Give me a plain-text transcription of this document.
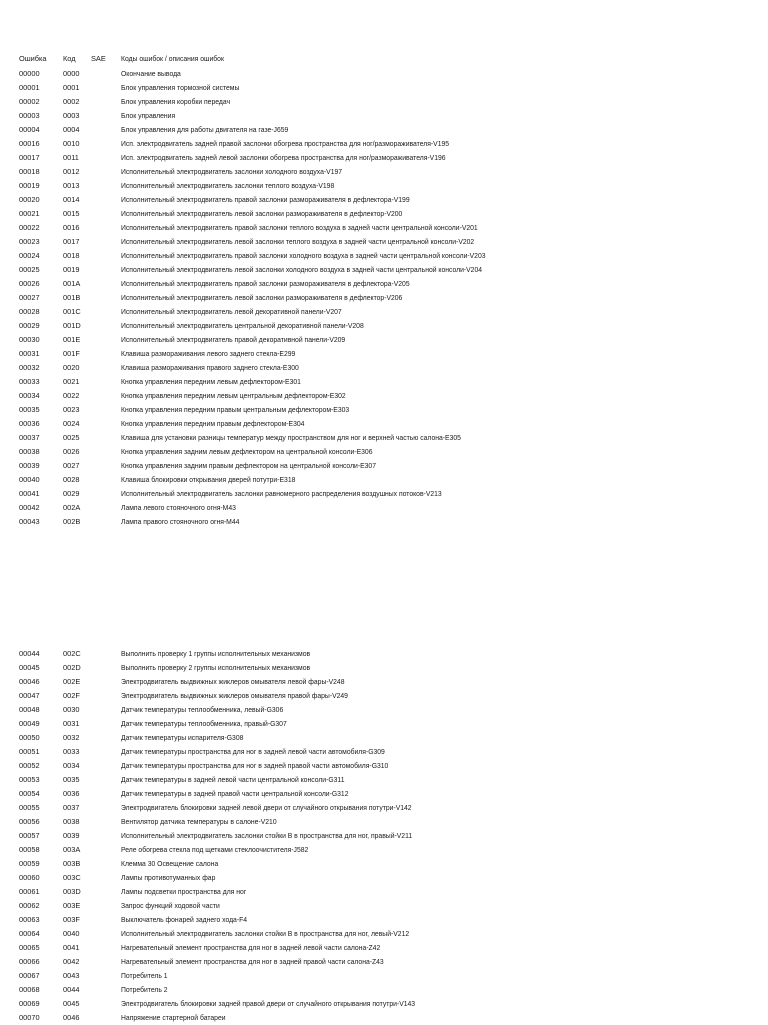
Ошибка	Код	SAE	Коды ошибок / описания ошибок
00000	0000	Окончание вывода
00001	0001	Блок управления тормозной системы
00002	0002	Блок управления коробки передач
00003	0003	Блок управления
00004	0004	Блок управления для работы двигателя на газе-J659
00016	0010	Исп. электродвигатель задней правой заслонки обогрева пространства для ног/размораживателя-V195
00017	0011	Исп. электродвигатель задней левой заслонки обогрева пространства для ног/размораживателя-V196
00018	0012	Исполнительный электродвигатель заслонки холодного воздуха-V197
00019	0013	Исполнительный электродвигатель заслонки теплого воздуха-V198
00020	0014	Исполнительный электродвигатель правой заслонки размораживателя в дефлектора-V199
00021	0015	Исполнительный электродвигатель левой заслонки размораживателя в дефлектор-V200
00022	0016	Исполнительный электродвигатель правой заслонки теплого воздуха в задней части центральной консоли-V201
00023	0017	Исполнительный электродвигатель левой заслонки теплого воздуха в задней части центральной консоли-V202
00024	0018	Исполнительный электродвигатель правой заслонки холодного воздуха в задней части центральной консоли-V203
00025	0019	Исполнительный электродвигатель левой заслонки холодного воздуха в задней части центральной консоли-V204
00026	001A	Исполнительный электродвигатель правой заслонки размораживателя в дефлектора-V205
00027	001B	Исполнительный электродвигатель левой заслонки размораживателя в дефлектор-V206
00028	001C	Исполнительный электродвигатель левой декоративной панели-V207
00029	001D	Исполнительный электродвигатель центральной декоративной панели-V208
00030	001E	Исполнительный электродвигатель правой декоративной панели-V209
00031	001F	Клавиша размораживания левого заднего стекла-E299
00032	0020	Клавиша размораживания правого заднего стекла-E300
00033	0021	Кнопка управления передним левым дефлектором-E301
00034	0022	Кнопка управления передним левым центральным дефлектором-E302
00035	0023	Кнопка управления передним правым центральным дефлектором-E303
00036	0024	Кнопка управления передним правым дефлектором-E304
00037	0025	Клавиша для установки разницы температур между пространством для ног и верхней частью салона-E305
00038	0026	Кнопка управления задним левым дефлектором на центральной консоли-E306
00039	0027	Кнопка управления задним правым дефлектором на центральной консоли-E307
00040	0028	Клавиша блокировки открывания дверей потутри-E318
00041	0029	Исполнительный электродвигатель заслонки равномерного распределения воздушных потоков-V213
00042	002A	Лампа левого стояночного огня-M43
00043	002B	Лампа правого стояночного огня-M44
00044	002C	Выполнить проверку 1 группы исполнительных механизмов
00045	002D	Выполнить проверку 2 группы исполнительных механизмов
00046	002E	Электродвигатель выдвижных жиклеров омывателя левой фары-V248
00047	002F	Электродвигатель выдвижных жиклеров омывателя правой фары-V249
00048	0030	Датчик температуры теплообменника, левый-G306
00049	0031	Датчик температуры теплообменника, правый-G307
00050	0032	Датчик температуры испарителя-G308
00051	0033	Датчик температуры пространства для ног в задней левой части автомобиля-G309
00052	0034	Датчик температуры пространства для ног в задней правой части автомобиля-G310
00053	0035	Датчик температуры в задней левой части центральной консоли-G311
00054	0036	Датчик температуры в задней правой части центральной консоли-G312
00055	0037	Электродвигатель блокировки задней левой двери от случайного открывания потутри-V142
00056	0038	Вентилятор датчика температуры в салоне-V210
00057	0039	Исполнительный электродвигатель заслонки стойки B в пространства для ног, правый-V211
00058	003A	Реле обогрева стекла под щетками стеклоочистителя-J582
00059	003B	Клемма 30 Освещение салона
00060	003C	Лампы противотуманных фар
00061	003D	Лампы подсветки пространства для ног
00062	003E	Запрос функций ходовой части
00063	003F	Выключатель фонарей заднего хода-F4
00064	0040	Исполнительный электродвигатель заслонки стойки B в пространства для ног, левый-V212
00065	0041	Нагревательный элемент пространства для ног в задней левой части салона-Z42
00066	0042	Нагревательный элемент пространства для ног в задней правой части салона-Z43
00067	0043	Потребитель 1
00068	0044	Потребитель 2
00069	0045	Электродвигатель блокировки задней правой двери от случайного открывания потутри-V143
00070	0046	Напряжение стартерной батареи
